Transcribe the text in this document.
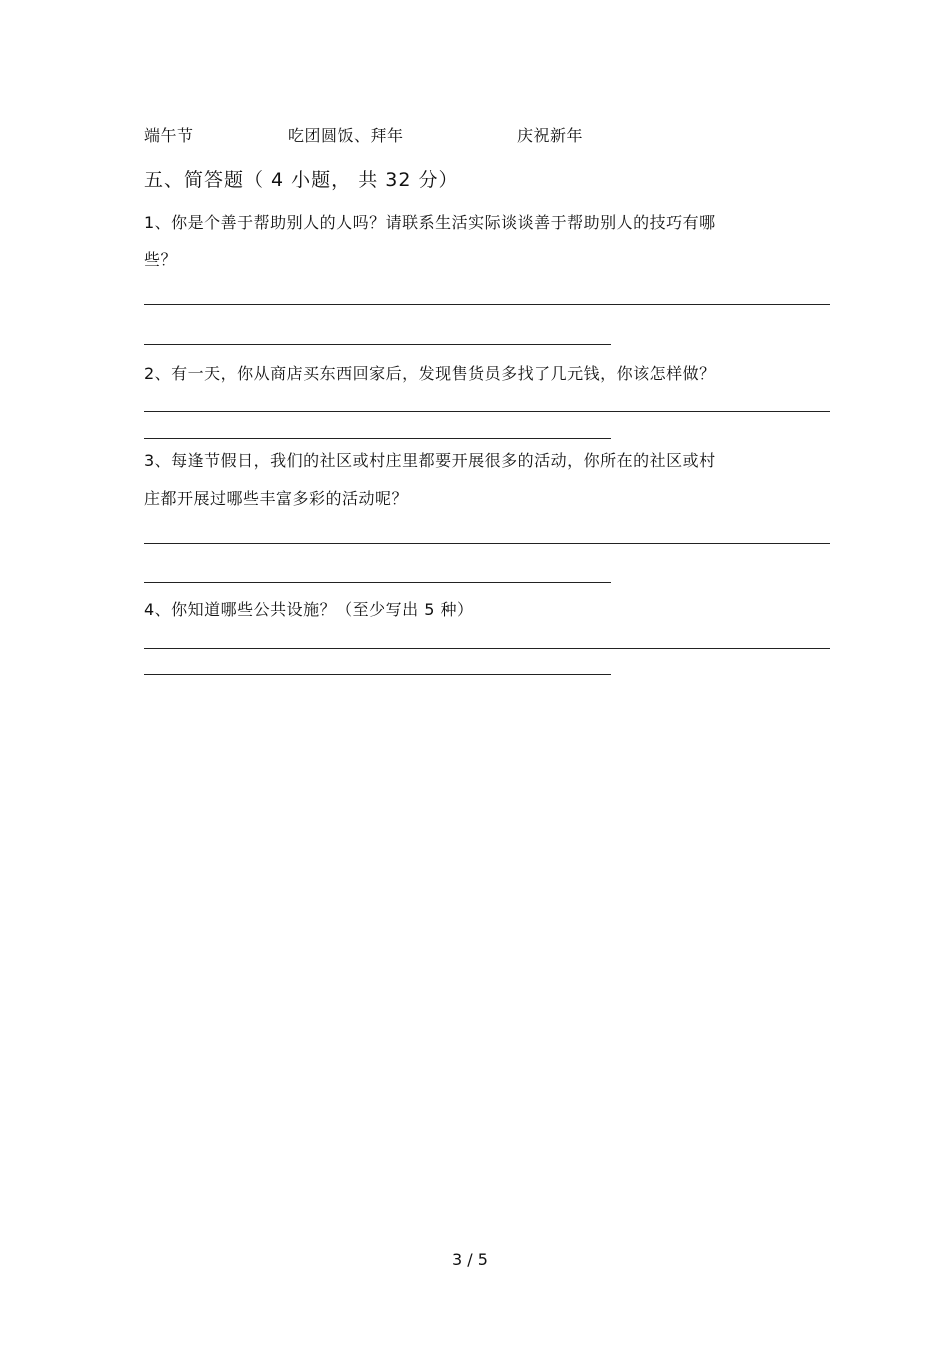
端午节	吃团圆饭、拜年	庆祝新年
五、简答题（ 4 小题， 共 32 分）
1、你是个善于帮助别人的人吗？请联系生活实际谈谈善于帮助别人的技巧有哪
些？
2、有一天，你从商店买东西回家后，发现售货员多找了几元钱，你该怎样做？
3、每逢节假日，我们的社区或村庄里都要开展很多的活动，你所在的社区或村
庄都开展过哪些丰富多彩的活动呢？
4、你知道哪些公共设施？（至少写出 5 种）
3 / 5
